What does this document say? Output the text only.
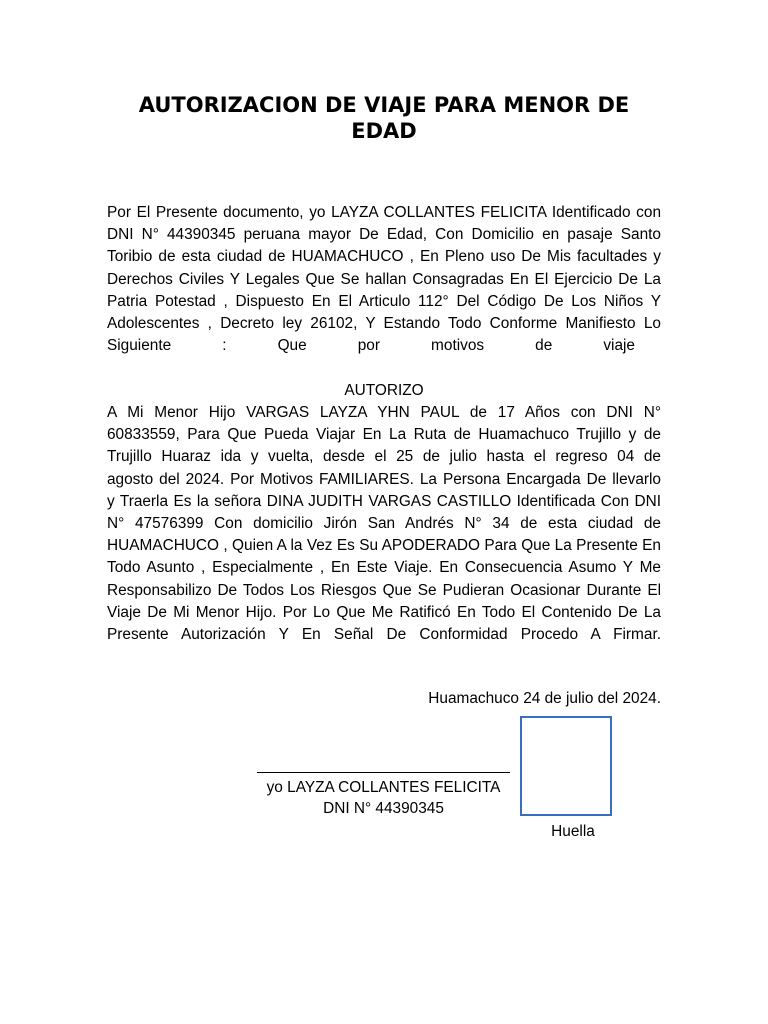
AUTORIZACION DE VIAJE PARA MENOR DE
EDAD
Por El Presente documento, yo LAYZA COLLANTES FELICITA Identificado con
DNI N° 44390345 peruana mayor De Edad, Con Domicilio en pasaje Santo
Toribio de esta ciudad de HUAMACHUCO , En Pleno uso De Mis facultades y
Derechos Civiles Y Legales Que Se hallan Consagradas En El Ejercicio De La
Patria Potestad , Dispuesto En El Articulo 112° Del Código De Los Niños Y
Adolescentes , Decreto ley 26102, Y Estando Todo Conforme Manifiesto Lo
Siguiente : Que por motivos de viaje
AUTORIZO
A Mi Menor Hijo VARGAS LAYZA YHN PAUL de 17 Años con DNI N°
60833559, Para Que Pueda Viajar En La Ruta de Huamachuco Trujillo y de
Trujillo Huaraz ida y vuelta, desde el 25 de julio hasta el regreso 04 de
agosto del 2024. Por Motivos FAMILIARES. La Persona Encargada De llevarlo
y Traerla Es la señora DINA JUDITH VARGAS CASTILLO Identificada Con DNI
N° 47576399 Con domicilio Jirón San Andrés N° 34 de esta ciudad de
HUAMACHUCO , Quien A la Vez Es Su APODERADO Para Que La Presente En
Todo Asunto , Especialmente , En Este Viaje. En Consecuencia Asumo Y Me
Responsabilizo De Todos Los Riesgos Que Se Pudieran Ocasionar Durante El
Viaje De Mi Menor Hijo. Por Lo Que Me Ratificó En Todo El Contenido De La
Presente Autorización Y En Señal De Conformidad Procedo A Firmar.
Huamachuco 24 de julio del 2024.
yo LAYZA COLLANTES FELICITA
DNI N° 44390345
Huella
